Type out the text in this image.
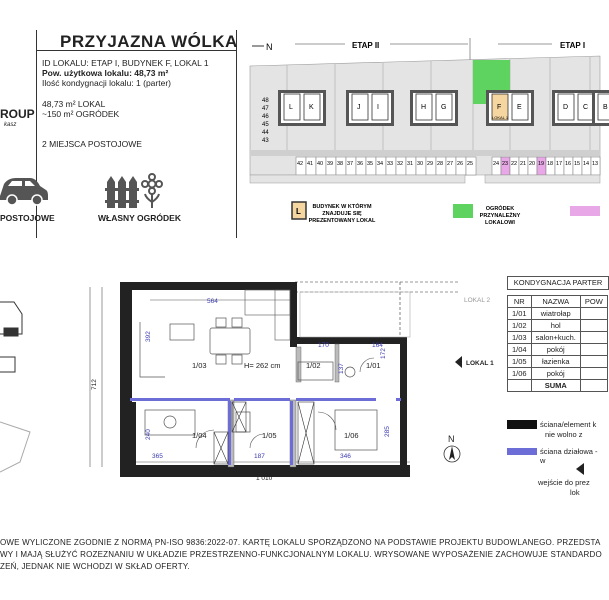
PRZYJAZNA WÓLKA
ROUP
kasz
ID LOKALU: ETAP I, BUDYNEK F, LOKAL 1
Pow. użytkowa lokalu: 48,73 m²
Ilość kondygnacji lokalu: 1 (parter)
48,73 m² LOKAL
~150 m² OGRÓDEK
2 MIEJSCA POSTOJOWE
POSTOJOWE	WŁASNY OGRÓDEK
N	ETAP II	ETAP I
L K	J I	H G	F E
LOKAL 1
D C B
48
47
46
45
44
43
42 41 40 39 38 37 36 35 34 33 32 31 30 29 28 27 26 25	24 23 22 21 20 19 18 17 16 15 14 13
L BUDYNEK W KTÓRYM
ZNAJDUJE SIĘ
PREZENTOWANY LOKAL
OGRÓDEK
PRZYNALEŻNY
LOKALOWI
1/03	1/02	1/01
1/04	1/05	1/06
H= 262 cm
564
392
365	187	346
240	285
170	164
137
172
712
1 010
LOKAL 1
LOKAL 2
N
KONDYGNACJA PARTER
NR	NAZWA	POW
1/01	wiatrołap	
1/02	hol	
1/03	salon+kuch.	
1/04	pokój	
1/05	łazienka	
1/06	pokój	
	SUMA	
ściana/element k
nie wolno z
ściana działowa - w
wejście do prez
lok
OWE WYLICZONE ZGODNIE Z NORMĄ PN-ISO 9836:2022-07. KARTĘ LOKALU SPORZĄDZONO NA PODSTAWIE PROJEKTU BUDOWLANEGO. PRZEDSTA
WY I MAJĄ SŁUŻYĆ ROZEZNANIU W UKŁADZIE PRZESTRZENNO-FUNKCJONALNYM LOKALU. WRYSOWANE WYPOSAŻENIE ZACHOWUJE STANDARDO
ZEŃ, JEDNAK NIE WCHODZI W SKŁAD OFERTY.
